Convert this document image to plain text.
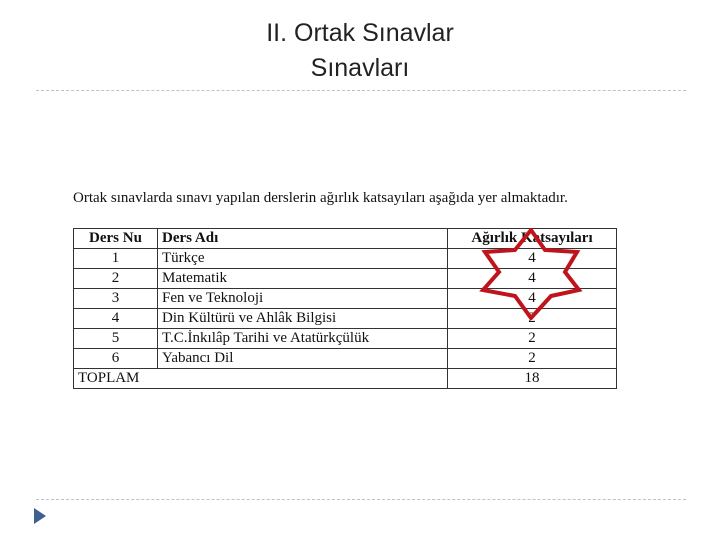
II. Ortak Sınavlar
Sınavları
Ortak sınavlarda sınavı yapılan derslerin ağırlık katsayıları aşağıda yer almaktadır.
Ders Nu	Ders Adı	Ağırlık Katsayıları
1	Türkçe	4
2	Matematik	4
3	Fen ve Teknoloji	4
4	Din Kültürü ve Ahlâk Bilgisi	2
5	T.C.İnkılâp Tarihi ve Atatürkçülük	2
6	Yabancı Dil	2
TOPLAM		18
